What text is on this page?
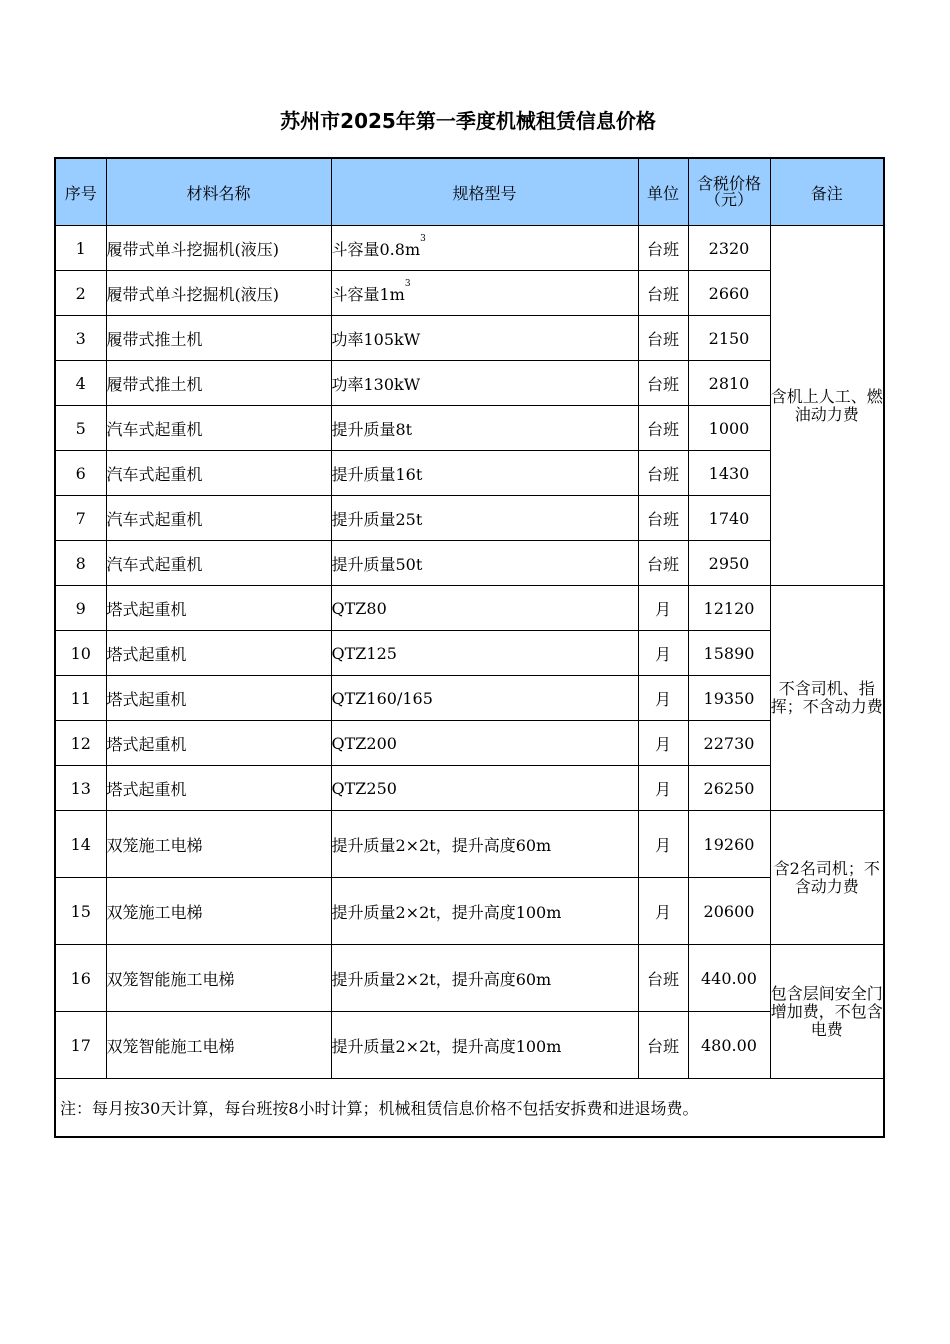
苏州市2025年第一季度机械租赁信息价格
序号	材料名称	规格型号	单位	含税价格（元）	备注
1	履带式单斗挖掘机(液压)	斗容量$0.8m^3$	台班	2320	含机上人工、燃油动力费
2	履带式单斗挖掘机(液压)	斗容量$1m^3$	台班	2660	
3	履带式推土机	功率105kW	台班	2150	
4	履带式推土机	功率130kW	台班	2810	
5	汽车式起重机	提升质量8t	台班	1000	
6	汽车式起重机	提升质量16t	台班	1430	
7	汽车式起重机	提升质量25t	台班	1740	
8	汽车式起重机	提升质量50t	台班	2950	
9	塔式起重机	QTZ80	月	12120	不含司机、指挥；不含动力费
10	塔式起重机	QTZ125	月	15890	
11	塔式起重机	QTZ160/165	月	19350	
12	塔式起重机	QTZ200	月	22730	
13	塔式起重机	QTZ250	月	26250	
14	双笼施工电梯	提升质量2×2t，提升高度60m	月	19260	含2名司机；不含动力费
15	双笼施工电梯	提升质量2×2t，提升高度100m	月	20600	
16	双笼智能施工电梯	提升质量2×2t，提升高度60m	台班	440.00	包含层间安全门增加费，不包含电费
17	双笼智能施工电梯	提升质量2×2t，提升高度100m	台班	480.00	
注：每月按30天计算，每台班按8小时计算；机械租赁信息价格不包括安拆费和进退场费。					
